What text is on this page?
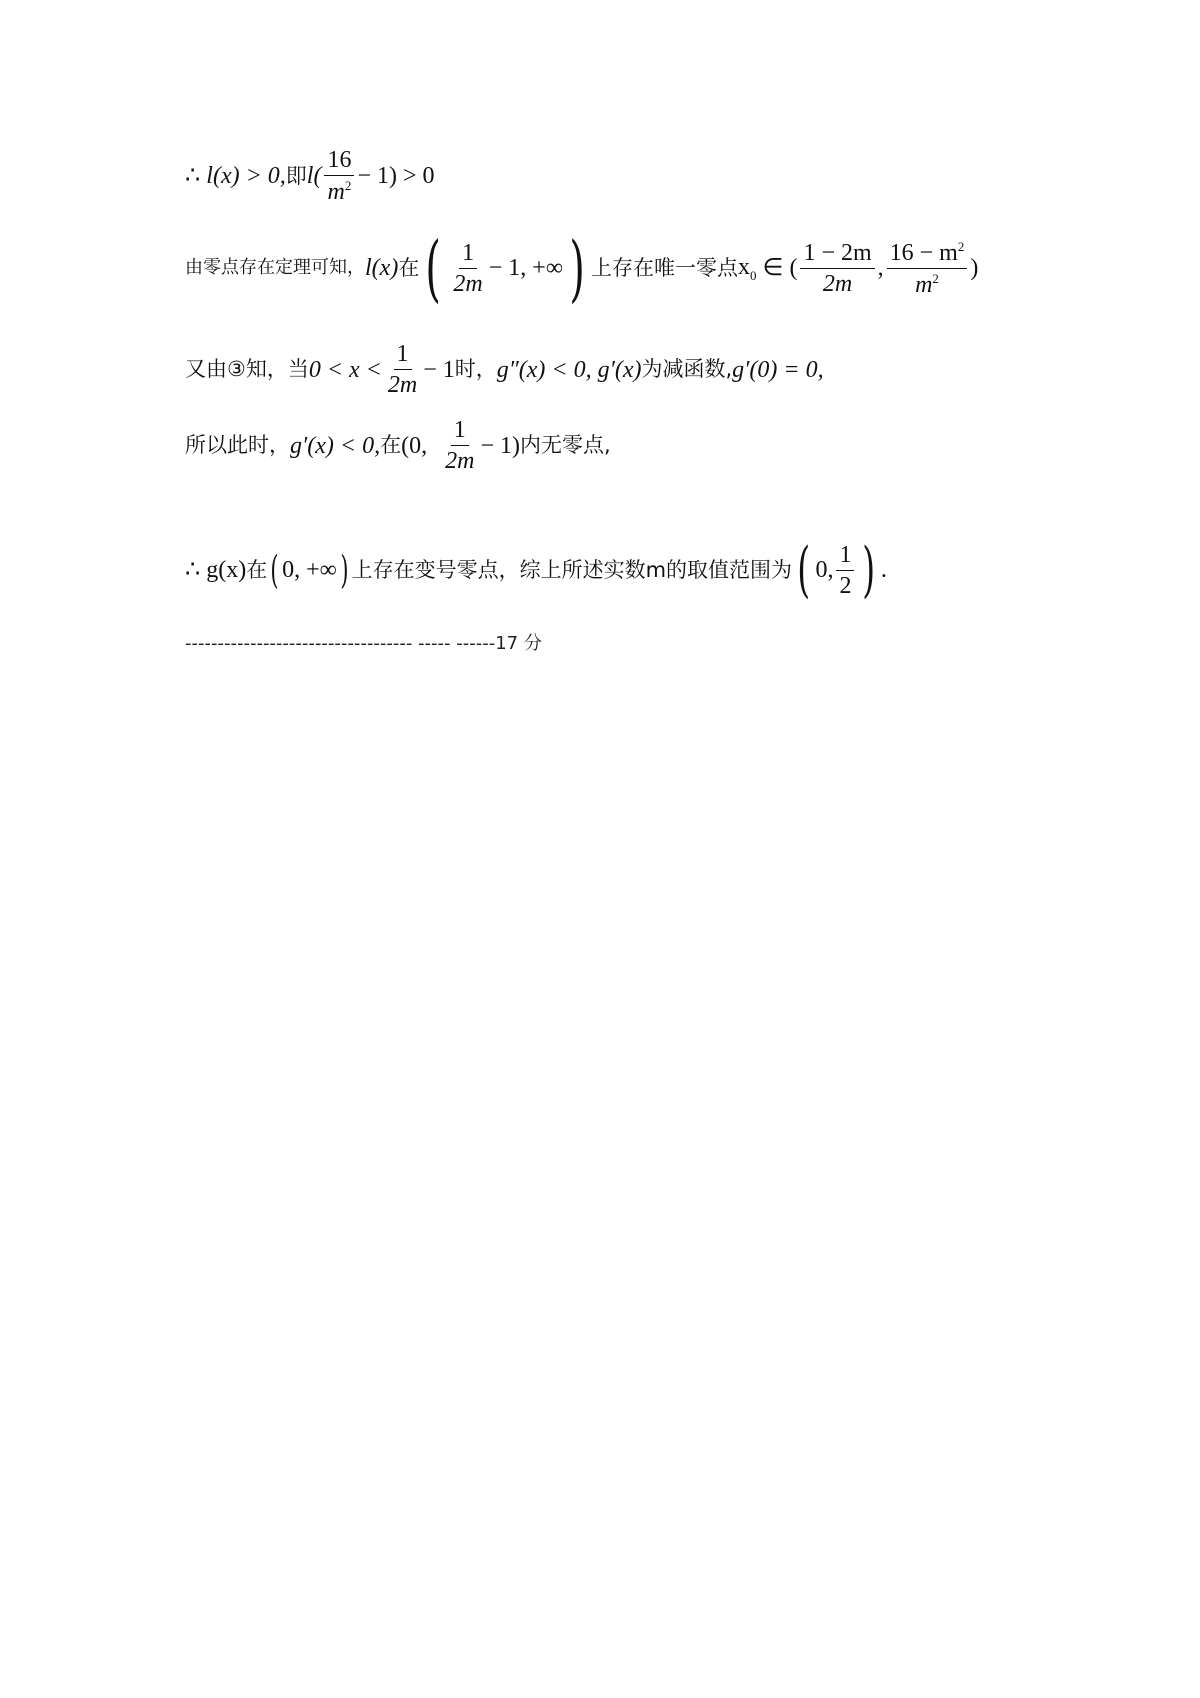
∴ l(x) > 0, 即 $l( \frac{16}{m^2} - 1) > 0$
由零点存在定理可知， l(x) 在 ( $\frac{1}{2m} - 1$, +∞ ) 上存在唯一零点 $x_0$ ∈ ( $\frac{1 - 2m}{2m}$ , $\frac{16 - m^2}{m^2}$ )
又由③知，当 $0 < x < \frac{1}{2m} - 1$ 时， g″(x) < 0, g′(x) 为减函数, g′(0) = 0,
所以此时， g′(x) < 0, 在 (0, $\frac{1}{2m} - 1$) 内无零点,
∴ g(x) 在 ( 0, +∞ ) 上存在变号零点，综上所述实数m的取值范围为 ( 0, $\frac{1}{2}$ ) .
----------------------------------- ----- ------17 分
